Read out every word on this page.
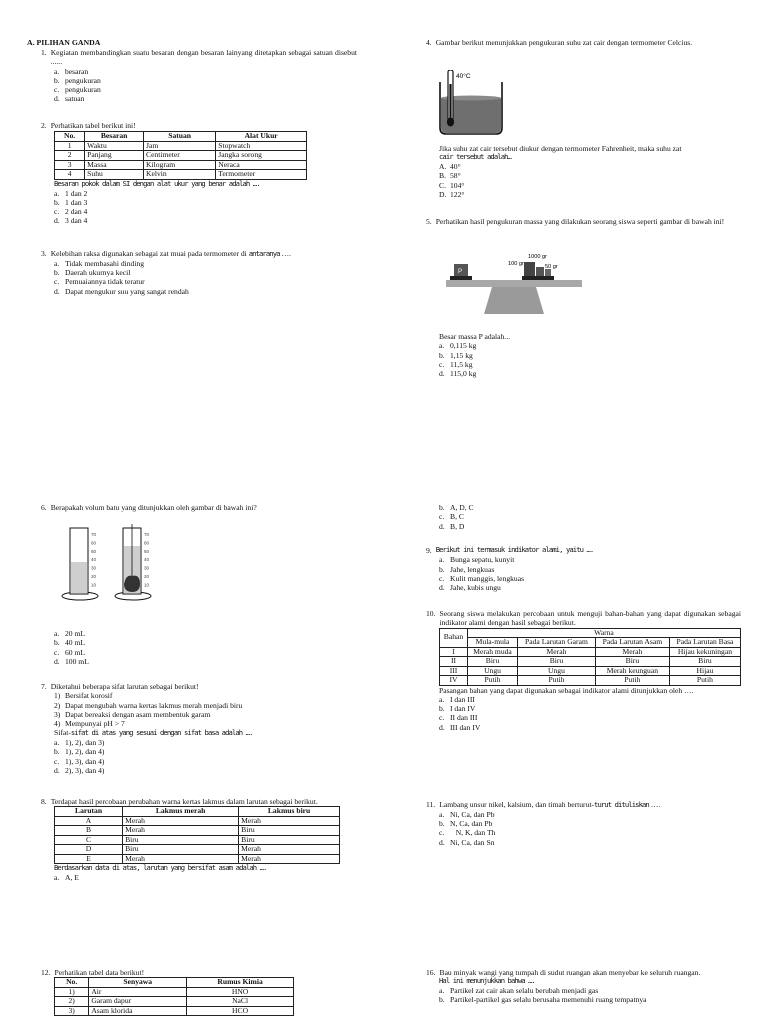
A. PILIHAN GANDA
1. Kegiatan membandingkan suatu besaran dengan besaran lainyang ditetapkan sebagai satuan disebut ......
a. besaran
b. pengukuran
c. pengukuran
d. satuan
2. Perhatikan tabel berikut ini!
No.	Besaran	Satuan	Alat Ukur
1	Waktu	Jam	Stopwatch
2	Panjang	Centimeter	Jangka sorong
3	Massa	Kilogram	Neraca
4	Suhu	Kelvin	Termometer
Besaran pokok dalam SI dengan alat ukur yang benar adalah ….
a. 1 dan 2
b. 1 dan 3
c. 2 dan 4
d. 3 dan 4
3. Kelebihan raksa digunakan sebagai zat muai pada termometer di antaranya ….
a. Tidak membasahi dinding
b. Daerah ukurnya kecil
c. Pemuaiannya tidak teratur
d. Dapat mengukur suu yang sangat rendah
4. Gambar berikut menunjukkan pengukuran suhu zat cair dengan termometer Celcius.
40°C
Jika suhu zat cair tersebut diukur dengan termometer Fahrenheit, maka suhu zat
cair tersebut adalah…
A. 40°
B. 58°
C. 104°
D. 122°
5. Perhatikan hasil pengukuran massa yang dilakukan seorang siswa seperti gambar di bawah ini!
P
1000 gr
100 gr	50 gr
Besar massa P adalah...
a. 0,115 kg
b. 1,15 kg
c. 11,5 kg
d. 115,0 kg
6. Berapakah volum batu yang ditunjukkan oleh gambar di bawah ini?
70 60 50 40 30 20 10
70 60 50 40 30 20 10
a. 20 mL
b. 40 mL
c. 60 mL
d. 100 mL
7. Diketahui beberapa sifat larutan sebagai berikut!
1) Bersifat korosif
2) Dapat mengubah warna kertas lakmus merah menjadi biru
3) Dapat bereaksi dengan asam membentuk garam
4) Mempunyai pH > 7
Sifat-sifat di atas yang sesuai dengan sifat basa adalah ….
a. 1), 2), dan 3)
b. 1), 2), dan 4)
c. 1), 3), dan 4)
d. 2), 3), dan 4)
8. Terdapat hasil percobaan perubahan warna kertas lakmus dalam larutan sebagai berikut.
Larutan	Lakmus merah	Lakmus biru
A	Merah	Merah
B	Merah	Biru
C	Biru	Biru
D	Biru	Merah
E	Merah	Merah
Berdasarkan data di atas, larutan yang bersifat asam adalah ….
a. A, E
b. A, D, C
c. B, C
d. B, D
9. Berikut ini termasuk indikator alami, yaitu ….
a. Bunga sepatu, kunyit
b. Jahe, lengkuas
c. Kulit manggis, lengkuas
d. Jahe, kubis ungu
10. Seorang siswa melakukan percobaan untuk menguji bahan-bahan yang dapat digunakan sebagai indikator alami dengan hasil sebagai berikut.
Bahan	Warna			
	Mula-mula	Pada Larutan Garam	Pada Larutan Asam	Pada Larutan Basa
I	Merah muda	Merah	Merah	Hijau kekuningan
II	Biru	Biru	Biru	Biru
III	Ungu	Ungu	Merah keunguan	Hijau
IV	Putih	Putih	Putih	Putih
Pasangan bahan yang dapat digunakan sebagai indikator alami ditunjukkan oleh ….
a. I dan III
b. I dan IV
c. II dan III
d. III dan IV
11. Lambang unsur nikel, kalsium, dan timah berturut-turut dituliskan ….
a. Ni, Ca, dan Pb
b. N, Ca, dan Pb
c. N, K, dan Th
d. Ni, Ca, dan Sn
12. Perhatikan tabel data berikut!
No.	Senyawa	Rumus Kimia
1)	Air	HNO
2)	Garam dapur	NaCl
3)	Asam klorida	HCO
16. Bau minyak wangi yang tumpah di sudut ruangan akan menyebar ke seluruh ruangan.
Hal ini menunjukkan bahwa ….
a. Partikel zat cair akan selalu berubah menjadi gas
b. Partikel-partikel gas selalu berusaha memenuhi ruang tempatnya
